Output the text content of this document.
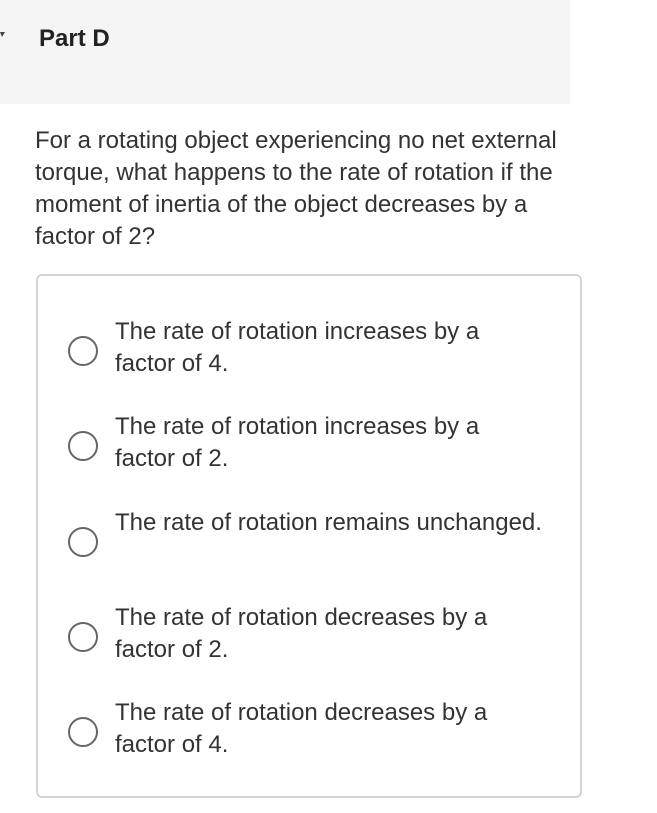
Part D

For a rotating object experiencing no net external torque, what happens to the rate of rotation if the moment of inertia of the object decreases by a factor of 2?

The rate of rotation increases by a factor of 4.
The rate of rotation increases by a factor of 2.
The rate of rotation remains unchanged.
The rate of rotation decreases by a factor of 2.
The rate of rotation decreases by a factor of 4.
